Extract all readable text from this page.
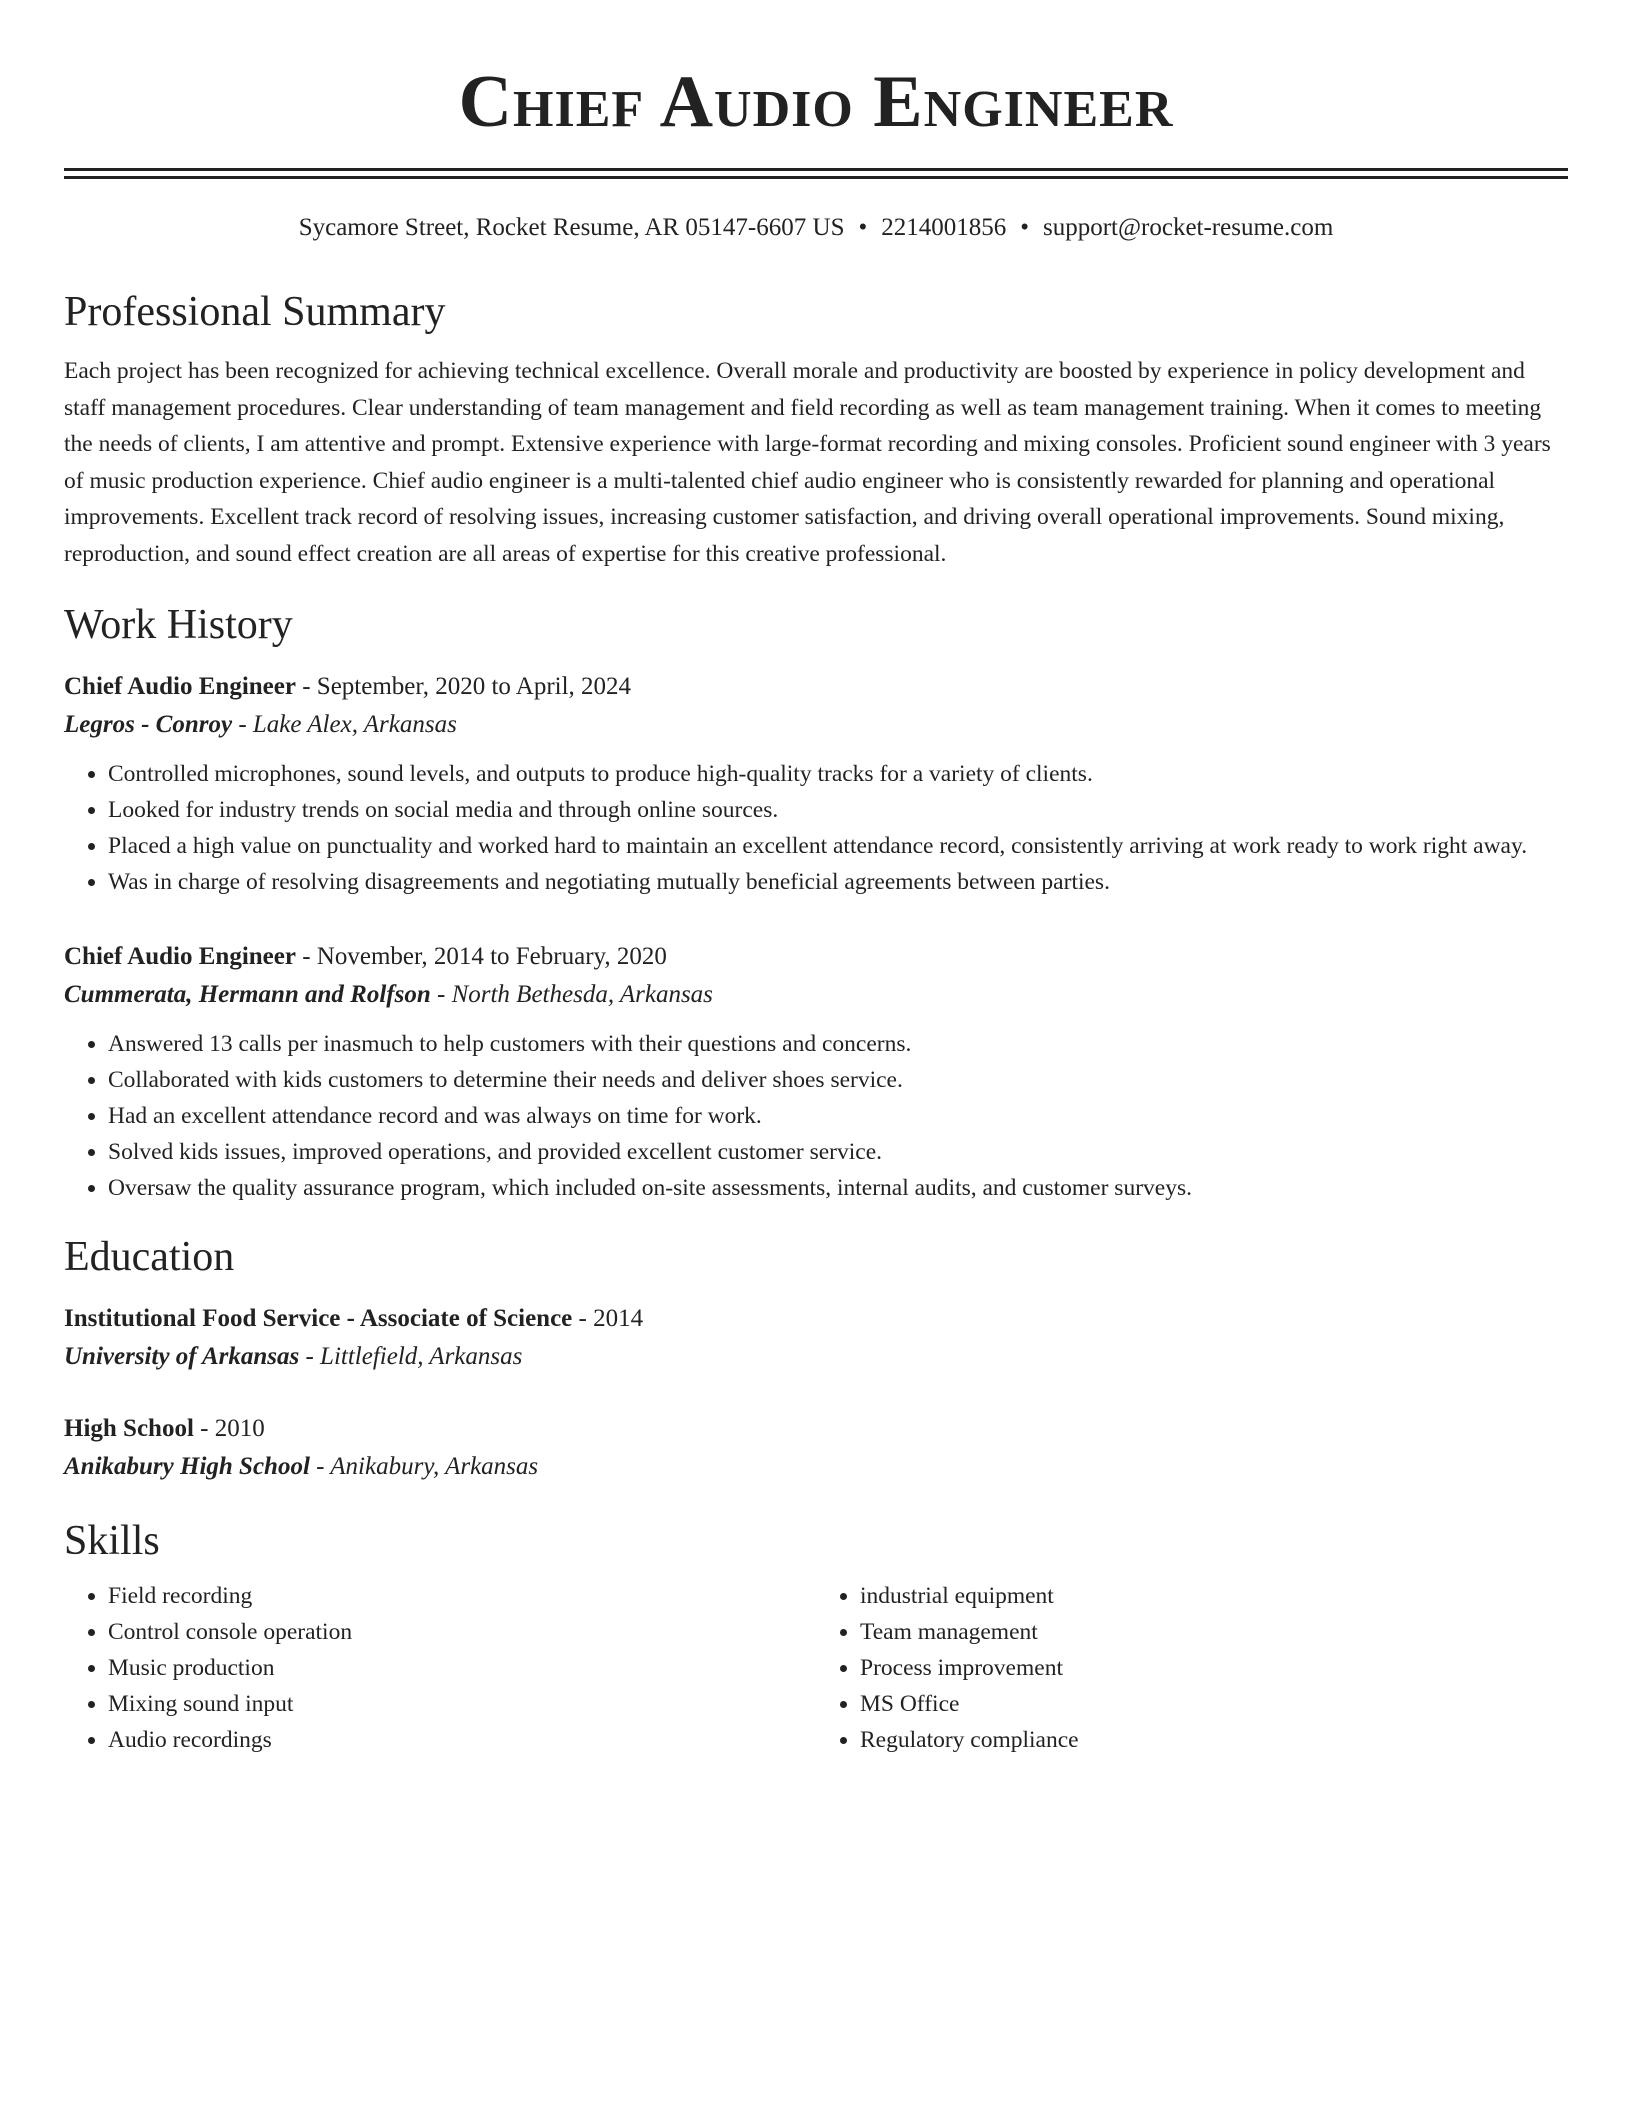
Chief Audio Engineer
Sycamore Street, Rocket Resume, AR 05147-6607 US • 2214001856 • support@rocket-resume.com
Professional Summary
Each project has been recognized for achieving technical excellence. Overall morale and productivity are boosted by experience in policy development and staff management procedures. Clear understanding of team management and field recording as well as team management training. When it comes to meeting the needs of clients, I am attentive and prompt. Extensive experience with large-format recording and mixing consoles. Proficient sound engineer with 3 years of music production experience. Chief audio engineer is a multi-talented chief audio engineer who is consistently rewarded for planning and operational improvements. Excellent track record of resolving issues, increasing customer satisfaction, and driving overall operational improvements. Sound mixing, reproduction, and sound effect creation are all areas of expertise for this creative professional.
Work History
Chief Audio Engineer - September, 2020 to April, 2024
Legros - Conroy - Lake Alex, Arkansas
• Controlled microphones, sound levels, and outputs to produce high-quality tracks for a variety of clients.
• Looked for industry trends on social media and through online sources.
• Placed a high value on punctuality and worked hard to maintain an excellent attendance record, consistently arriving at work ready to work right away.
• Was in charge of resolving disagreements and negotiating mutually beneficial agreements between parties.
Chief Audio Engineer - November, 2014 to February, 2020
Cummerata, Hermann and Rolfson - North Bethesda, Arkansas
• Answered 13 calls per inasmuch to help customers with their questions and concerns.
• Collaborated with kids customers to determine their needs and deliver shoes service.
• Had an excellent attendance record and was always on time for work.
• Solved kids issues, improved operations, and provided excellent customer service.
• Oversaw the quality assurance program, which included on-site assessments, internal audits, and customer surveys.
Education
Institutional Food Service - Associate of Science - 2014
University of Arkansas - Littlefield, Arkansas
High School - 2010
Anikabury High School - Anikabury, Arkansas
Skills
• Field recording
• Control console operation
• Music production
• Mixing sound input
• Audio recordings
• industrial equipment
• Team management
• Process improvement
• MS Office
• Regulatory compliance
